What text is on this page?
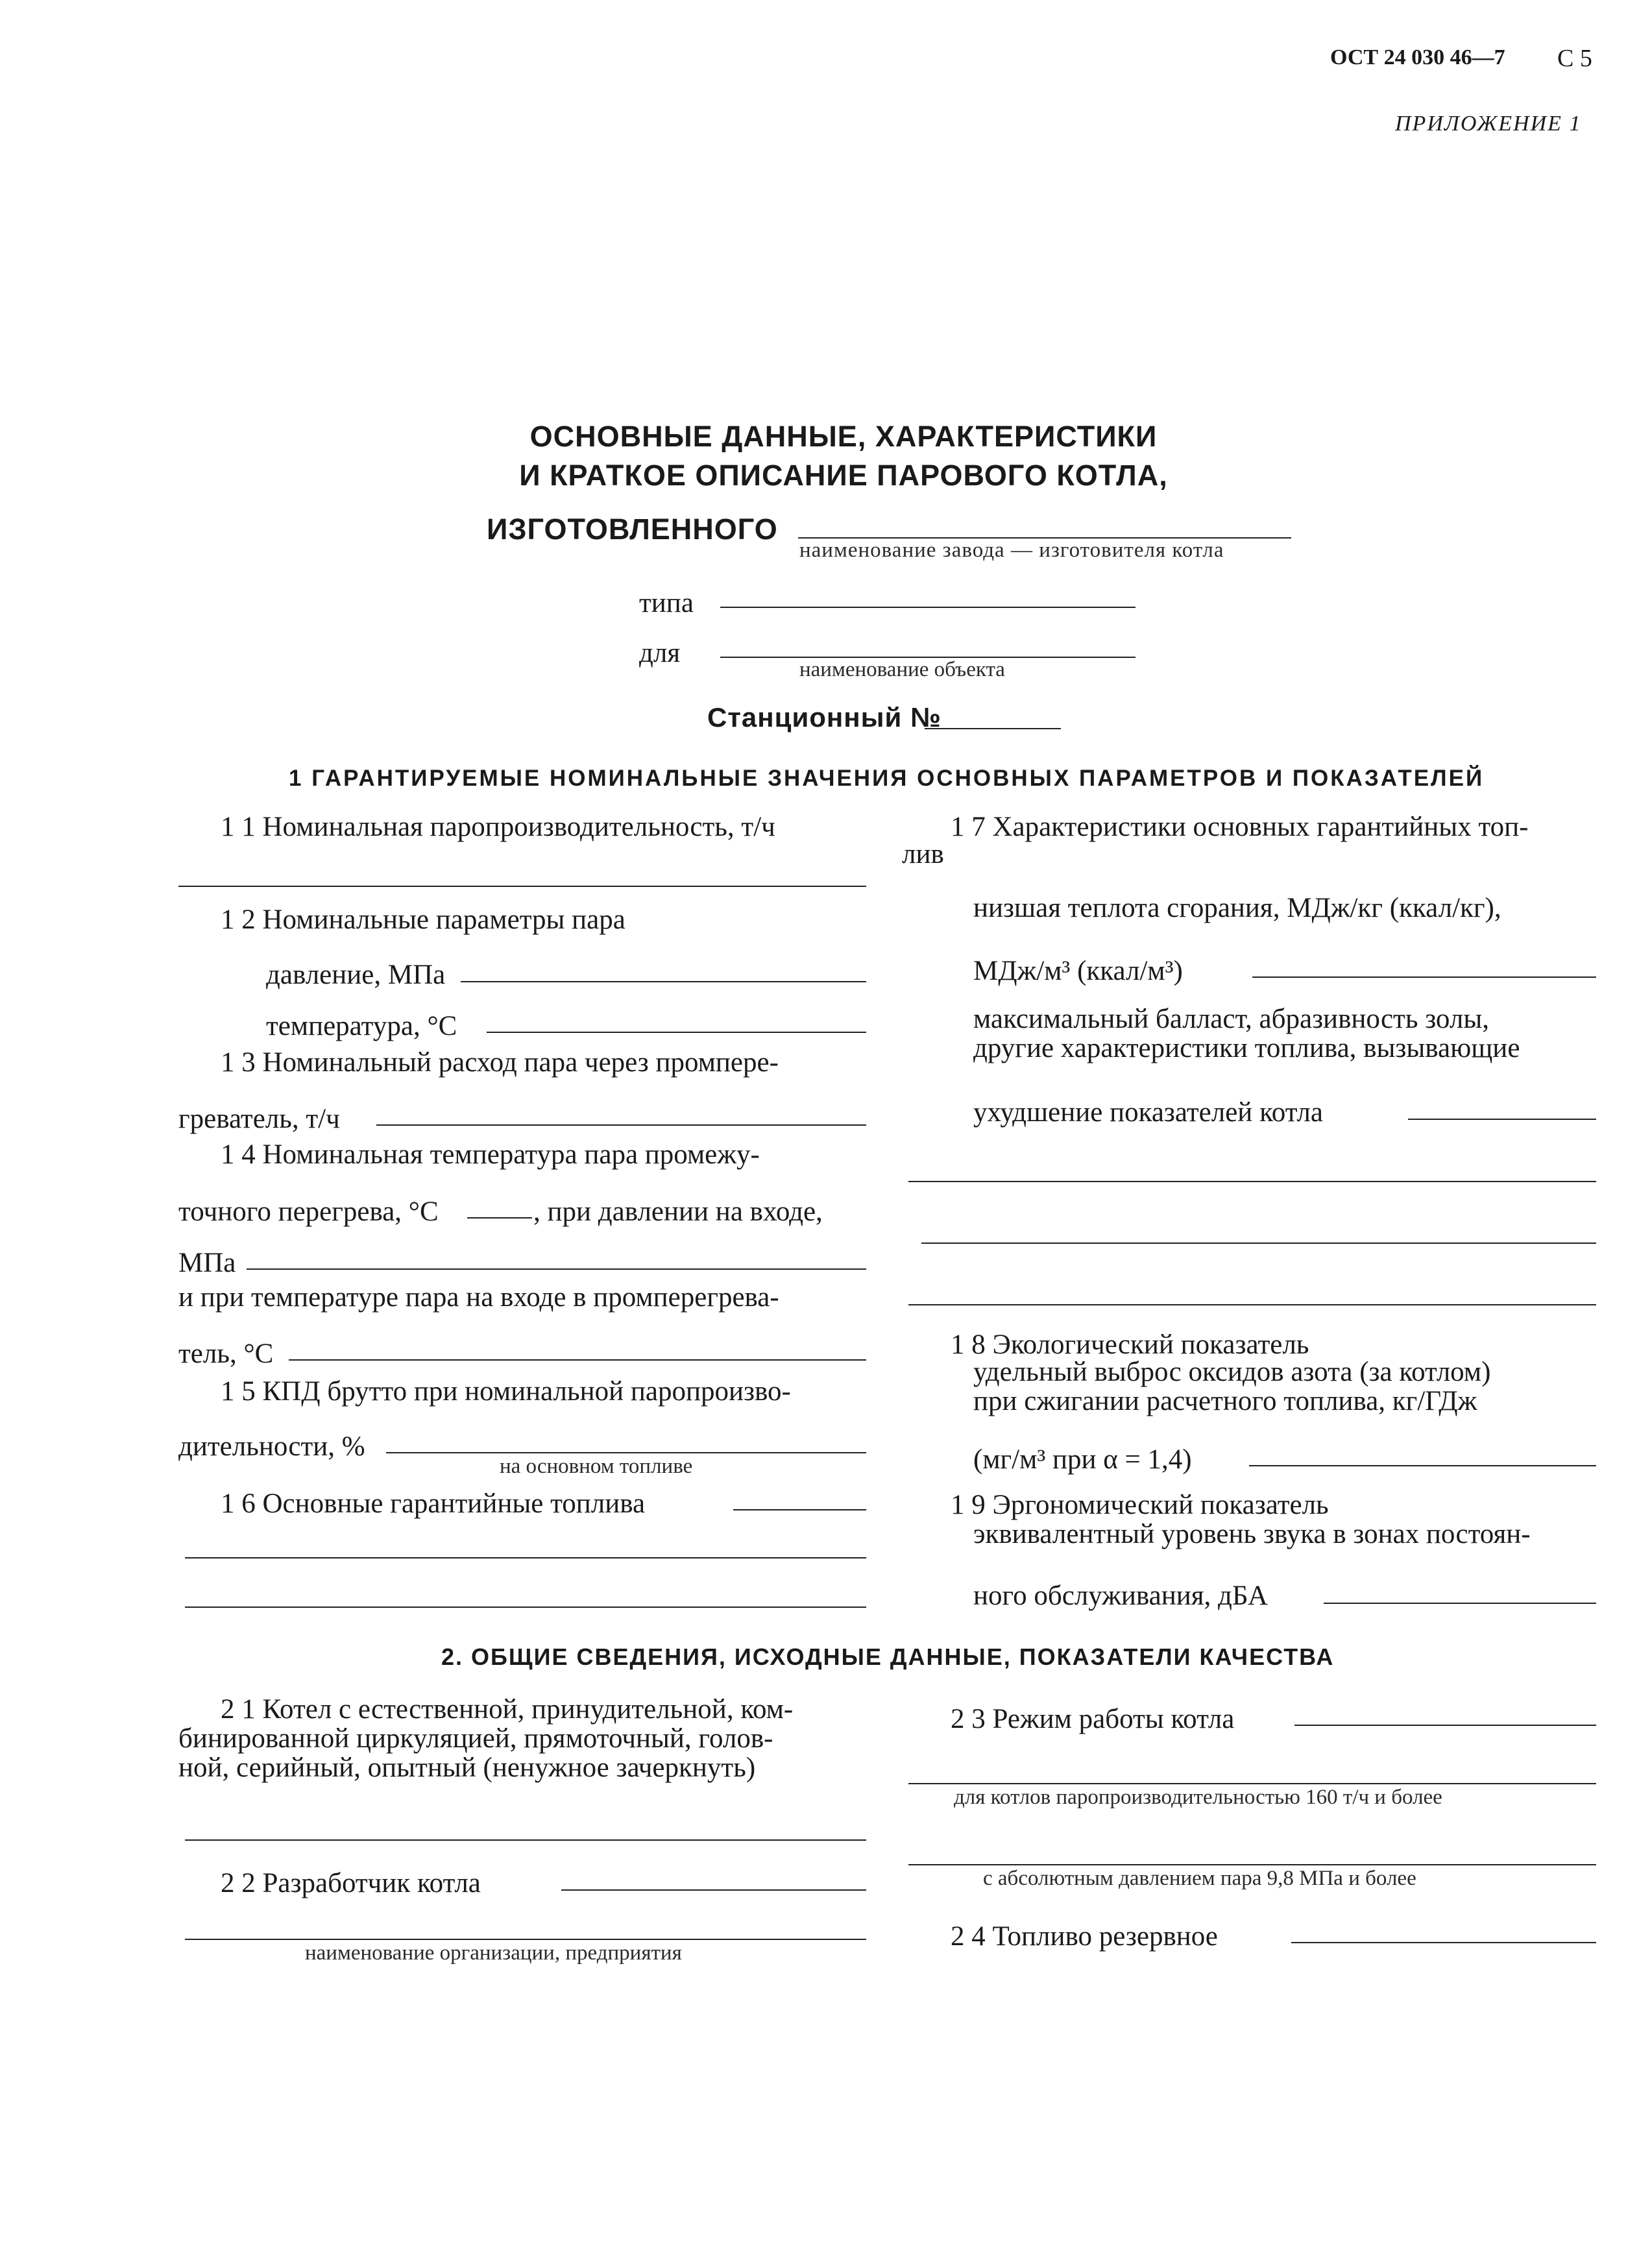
ОСТ 24 030 46—7 С 5
ПРИЛОЖЕНИЕ 1
ОСНОВНЫЕ ДАННЫЕ, ХАРАКТЕРИСТИКИ
И КРАТКОЕ ОПИСАНИЕ ПАРОВОГО КОТЛА,
ИЗГОТОВЛЕННОГО
наименование завода — изготовителя котла
типа
для
наименование объекта
Станционный №
1 ГАРАНТИРУЕМЫЕ НОМИНАЛЬНЫЕ ЗНАЧЕНИЯ ОСНОВНЫХ ПАРАМЕТРОВ И ПОКАЗАТЕЛЕЙ
1 1 Номинальная паропроизводительность, т/ч
1 2 Номинальные параметры пара
давление, МПа
температура, °С
1 3 Номинальный расход пара через промпере-
греватель, т/ч
1 4 Номинальная температура пара промежу-
точного перегрева, °С	, при давлении на входе,
МПа
и при температуре пара на входе в промперегрева-
тель, °С
1 5 КПД брутто при номинальной паропроизво-
дительности, %
на основном топливе
1 6 Основные гарантийные топлива
1 7 Характеристики основных гарантийных топ-
лив
низшая теплота сгорания, МДж/кг (ккал/кг),
МДж/м³ (ккал/м³)
максимальный балласт, абразивность золы,
другие характеристики топлива, вызывающие
ухудшение показателей котла
1 8 Экологический показатель
удельный выброс оксидов азота (за котлом)
при сжигании расчетного топлива, кг/ГДж
(мг/м³ при α = 1,4)
1 9 Эргономический показатель
эквивалентный уровень звука в зонах постоян-
ного обслуживания, дБА
2. ОБЩИЕ СВЕДЕНИЯ, ИСХОДНЫЕ ДАННЫЕ, ПОКАЗАТЕЛИ КАЧЕСТВА
2 1 Котел с естественной, принудительной, ком-
бинированной циркуляцией, прямоточный, голов-
ной, серийный, опытный (ненужное зачеркнуть)
2 2 Разработчик котла
наименование организации, предприятия
2 3 Режим работы котла
для котлов паропроизводительностью 160 т/ч и более
с абсолютным давлением пара 9,8 МПа и более
2 4 Топливо резервное
